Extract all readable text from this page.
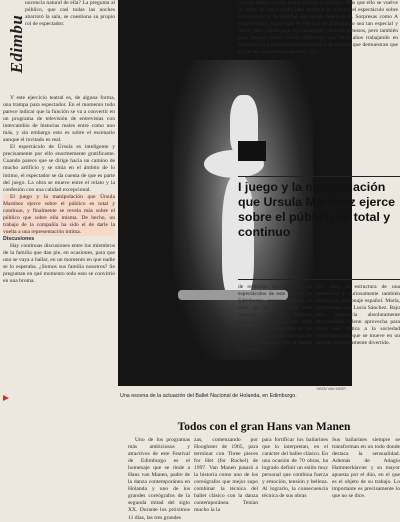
nocencia natural de ella? La pregunta al público, que casi todas las noches abarrotó la sala, se cuestiona su propio rol de espectador.

Edimbu

Y este ejercicio teatral es, de alguna forma, una trampa para espectador. En el momento todo parece indicar que la función se va a convertir en un programa de televisión de entrevistas con intercambio de historias reales entre como uno más, y sin embargo esto es sobre el escenario aunque el invitado es real.

El espectáculo de Úrsula es inteligente y precisamente por ello enormemente gratificante. Cuando parece que se dirige hacia un camino de mucho artificio y se sitúa en el ámbito de lo íntimo, el espectador se da cuenta de que es parte del juego. La obra se mueve entre el relato y la confesión con una calidad excepcional.

El juego y la manipulación que Úrsula Martínez ejerce sobre el público es total y continuo, y finalmente se revela más sobre el público que sobre ella misma. De hecho, un trabajo de la compañía ha sido el de darle la vuelta a una representación íntima.

Discusiones

Hay continuas discusiones entre los miembros de la familia que dan pie, en ocasiones, para que uno se vaya a bailar, en un momento en que nadie se lo esperaba. ¿Somos sus familia nosotros? Se preguntan en qué momento todo esto se convirtió en una broma.

DEEN VAN MEER
Una escena de la actuación del Ballet Nacional de Holanda, en Edimburgo.

más en blanco y pide poder utilizar al público. Más que ello se vuelve un juego de ida y vuelta para preparar el público; el espectáculo sobre el escenario y la realidad que queda fuera de él. Sorpresas como A Small history hacen que el Festival de Edimburgo sea tan especial y único. Hay cabida para lo consagrado, para los famosos, pero también para artistas como Úrsula Martínez, que lleva años trabajando en Inglaterra con propuestas arriesgadas y de calidad que demuestran que el arte de vanguardia está muy vivo.

I juego y la manipulación que Ursula Martínez ejerce sobre el público es total y continuo

de reflexión de otras de los espectáculos de este festival de Edimburgo, porque también se basó en el cine, que está presente en las distintas películas proyectadas en otras sesiones. Dentro de una de las historias se mezclan escenas de Fellini y de Buñuel con la puesta en escena.

ido, tiene la estructura de una telenovela y curiosamente también incluye un personaje español. María, interpretada por Lucía Sánchez. Bajo una apariencia absolutamente desenfadada, Glenn aprovecha para hacer una crítica a la sociedad contemporánea que se mueve en un mundo completamente divertido.

Todos con el gran Hans van Manen

Uno de los programas más ambiciosos y atractivos de este Festival de Edimburgo es el homenaje que se rinde a Hans van Manen, padre de la danza contemporánea en Holanda y uno de los grandes coreógrafos de la segunda mitad del siglo XX. Durante los próximos 11 días, las tres grandes

zas, comenzando por Hooghster de 1965, para terminar con Three pieces for Het (for Ruchel) de 1997. Van Manen pasará a la historia como uno de los coreógrafos que mejor supo combinar la técnica del ballet clásico con la danza contemporánea. Tenían mucho la la

para fortificar los bailarines que lo interpretan, en el carácter del ballet clásico. En una ocasión de 70 obras, ha logrado definir un estilo muy personal que combina fuerza y emoción, tensión y belleza. Al lograrlo, la consecuencia técnica de sus obras

Sus bailarines siempre se transforman en un todo donde destaca la sensualidad. Además de Adagio Hammerklavier y su mayor apuesta por el dúo, en el que es el objeto de su trabajo. Lo importante es precisamente lo que no se dice.
